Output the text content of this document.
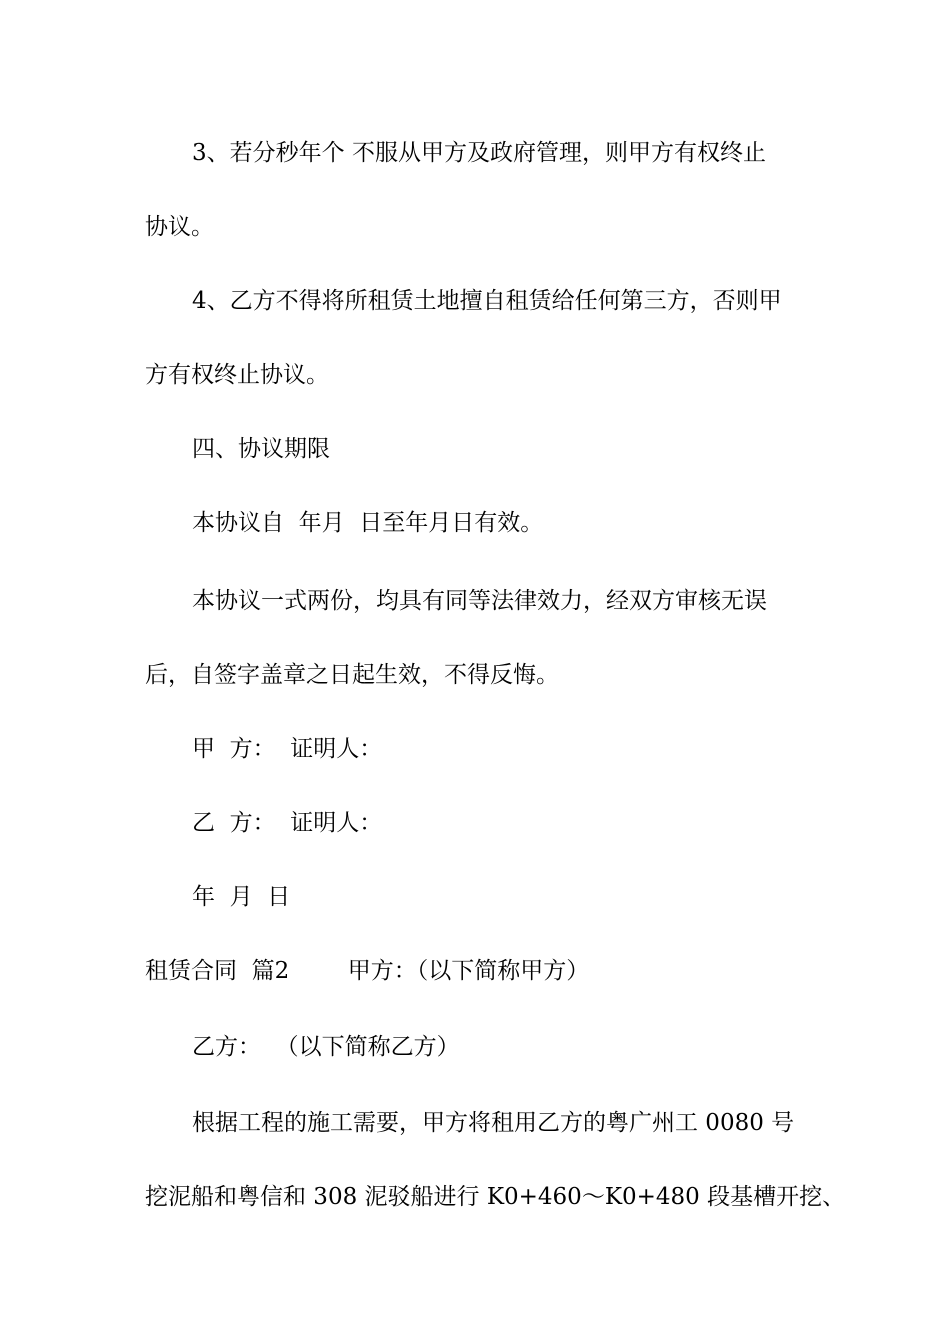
3、若分秒年个 不服从甲方及政府管理，则甲方有权终止

协议。

4、乙方不得将所租赁土地擅自租赁给任何第三方，否则甲

方有权终止协议。

四、协议期限

本协议自  年月  日至年月日有效。

本协议一式两份，均具有同等法律效力，经双方审核无误

后，自签字盖章之日起生效，不得反悔。

甲  方：  证明人：

乙  方：  证明人：

年  月  日

租赁合同  篇2        甲方：（以下简称甲方）

乙方：  （以下简称乙方）

根据工程的施工需要，甲方将租用乙方的粤广州工 0080 号

挖泥船和粤信和 308 泥驳船进行 K0+460～K0+480 段基槽开挖、
